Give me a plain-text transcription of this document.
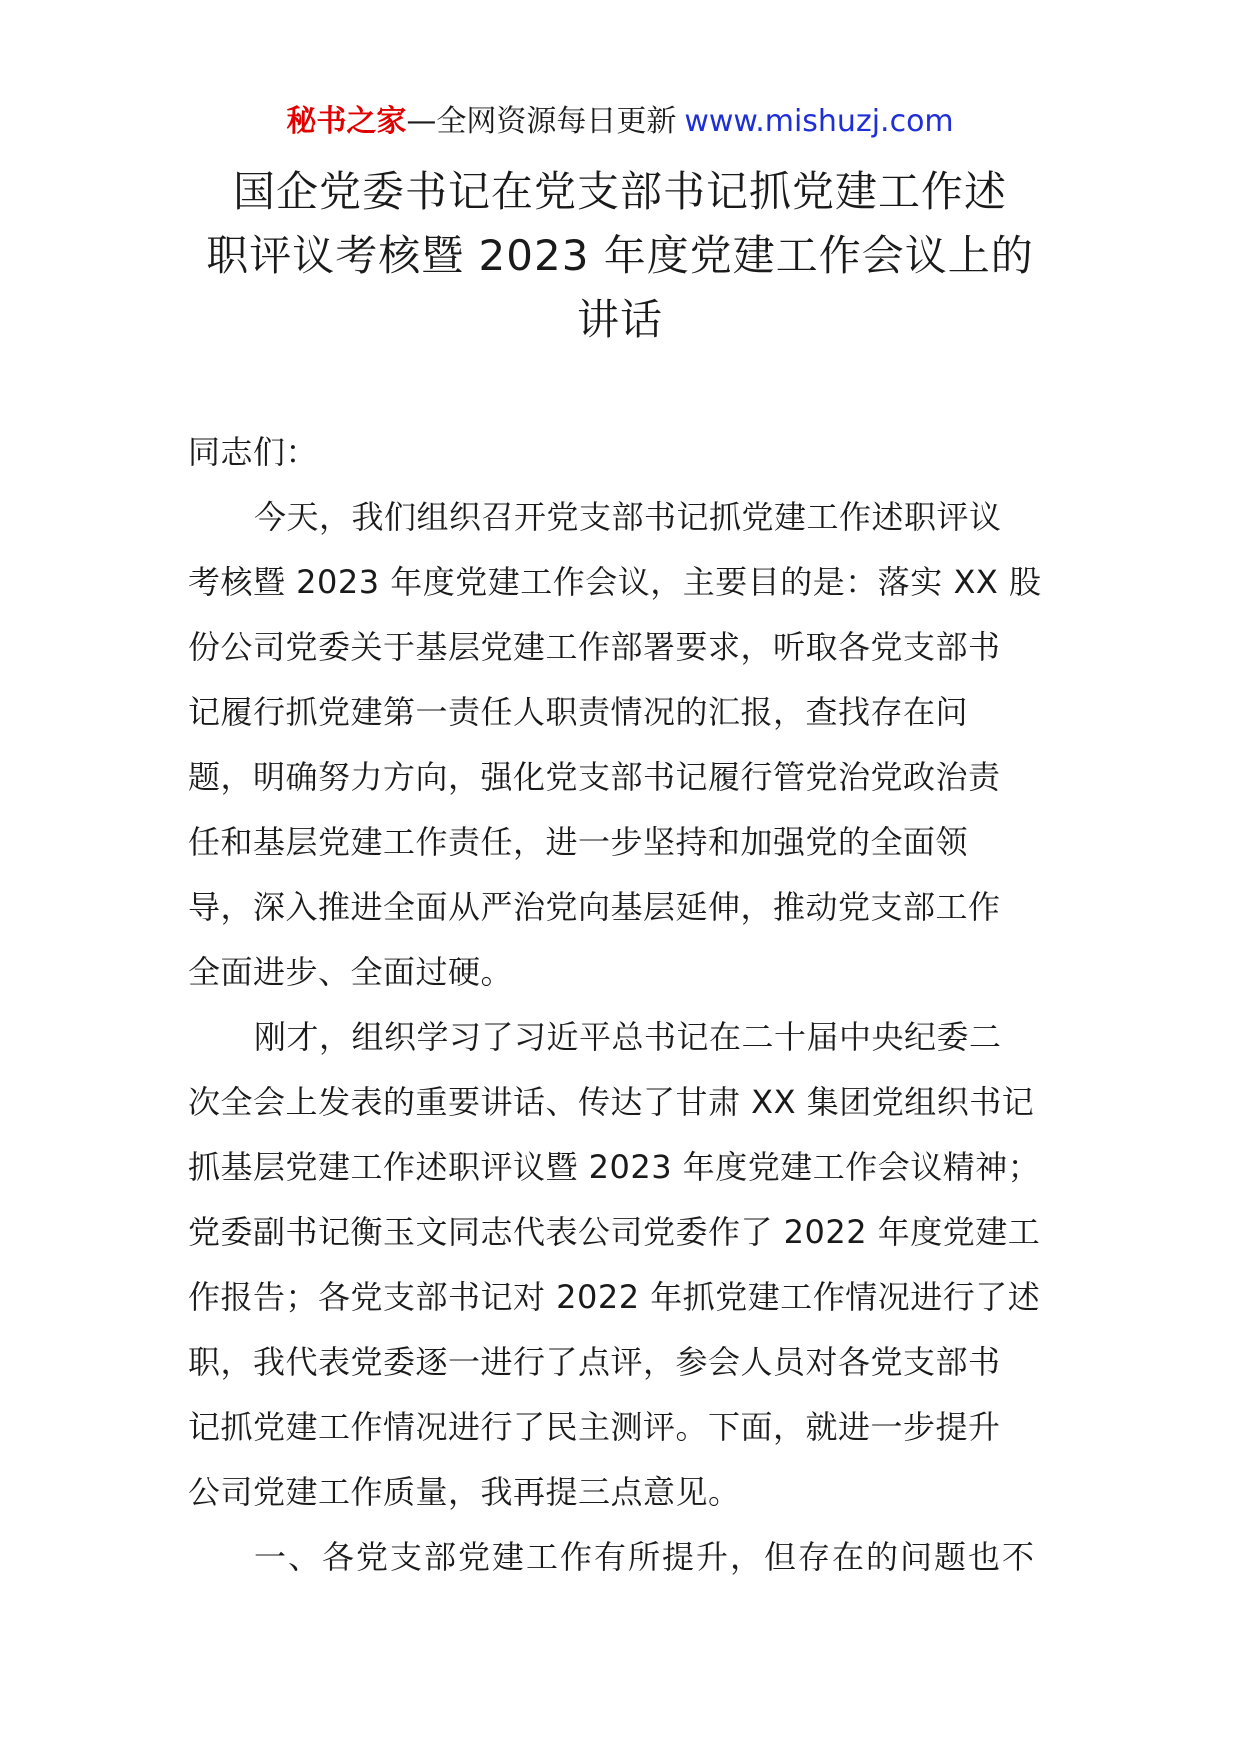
秘书之家—全网资源每日更新 www.mishuzj.com
国企党委书记在党支部书记抓党建工作述
职评议考核暨 2023 年度党建工作会议上的
讲话
同志们：
今天，我们组织召开党支部书记抓党建工作述职评议
考核暨 2023 年度党建工作会议，主要目的是：落实 XX 股
份公司党委关于基层党建工作部署要求，听取各党支部书
记履行抓党建第一责任人职责情况的汇报，查找存在问
题，明确努力方向，强化党支部书记履行管党治党政治责
任和基层党建工作责任，进一步坚持和加强党的全面领
导，深入推进全面从严治党向基层延伸，推动党支部工作
全面进步、全面过硬。
刚才，组织学习了习近平总书记在二十届中央纪委二
次全会上发表的重要讲话、传达了甘肃 XX 集团党组织书记
抓基层党建工作述职评议暨 2023 年度党建工作会议精神；
党委副书记衡玉文同志代表公司党委作了 2022 年度党建工
作报告；各党支部书记对 2022 年抓党建工作情况进行了述
职，我代表党委逐一进行了点评，参会人员对各党支部书
记抓党建工作情况进行了民主测评。下面，就进一步提升
公司党建工作质量，我再提三点意见。
一、各党支部党建工作有所提升，但存在的问题也不
